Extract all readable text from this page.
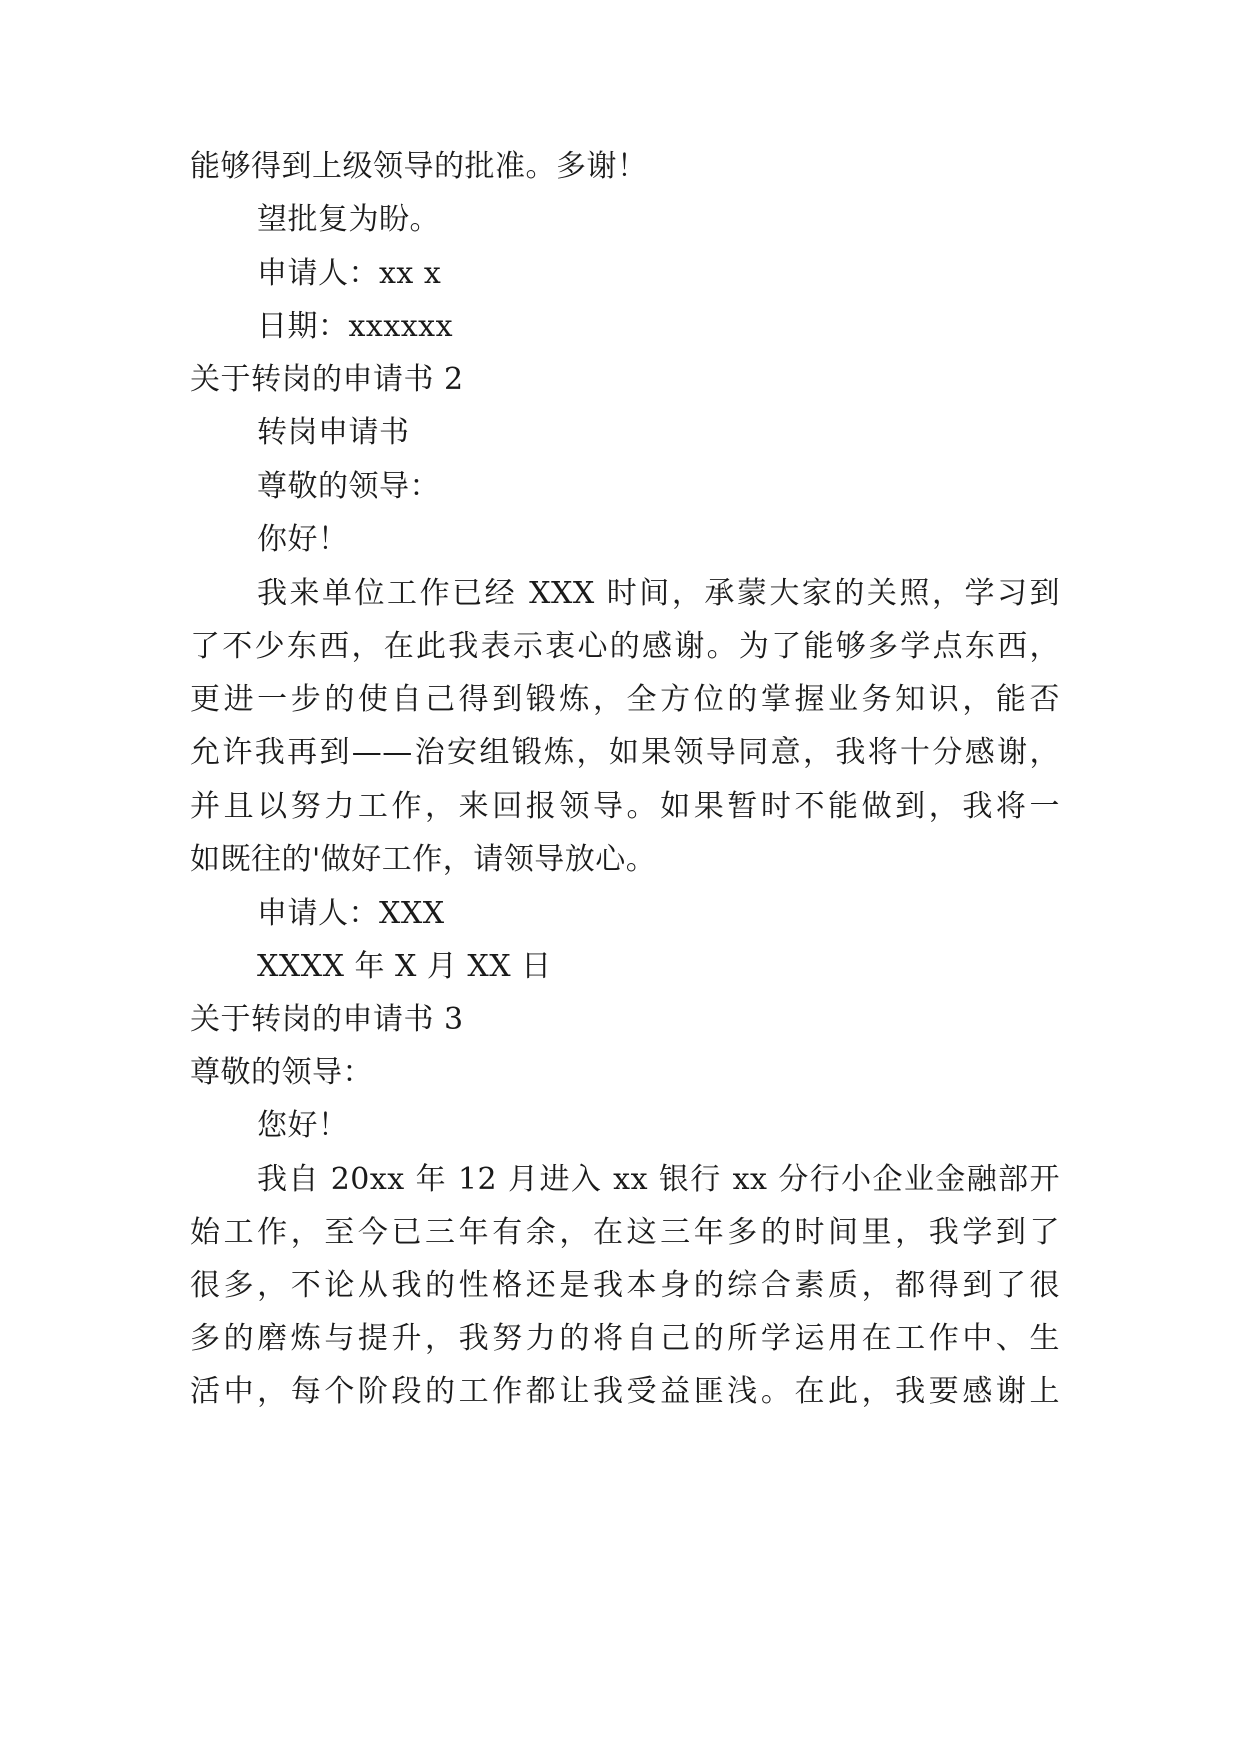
能够得到上级领导的批准。多谢！
望批复为盼。
申请人：xx x
日期：xxxxxx
关于转岗的申请书 2
转岗申请书
尊敬的领导：
你好！
我来单位工作已经 XXX 时间，承蒙大家的关照，学习到
了不少东西，在此我表示衷心的感谢。为了能够多学点东西，
更进一步的使自己得到锻炼，全方位的掌握业务知识，能否
允许我再到——治安组锻炼，如果领导同意，我将十分感谢，
并且以努力工作，来回报领导。如果暂时不能做到，我将一
如既往的'做好工作，请领导放心。
申请人：XXX
XXXX 年 X 月 XX 日
关于转岗的申请书 3
尊敬的领导：
您好！
我自 20xx 年 12 月进入 xx 银行 xx 分行小企业金融部开
始工作，至今已三年有余，在这三年多的时间里，我学到了
很多，不论从我的性格还是我本身的综合素质，都得到了很
多的磨炼与提升，我努力的将自己的所学运用在工作中、生
活中，每个阶段的工作都让我受益匪浅。在此，我要感谢上
